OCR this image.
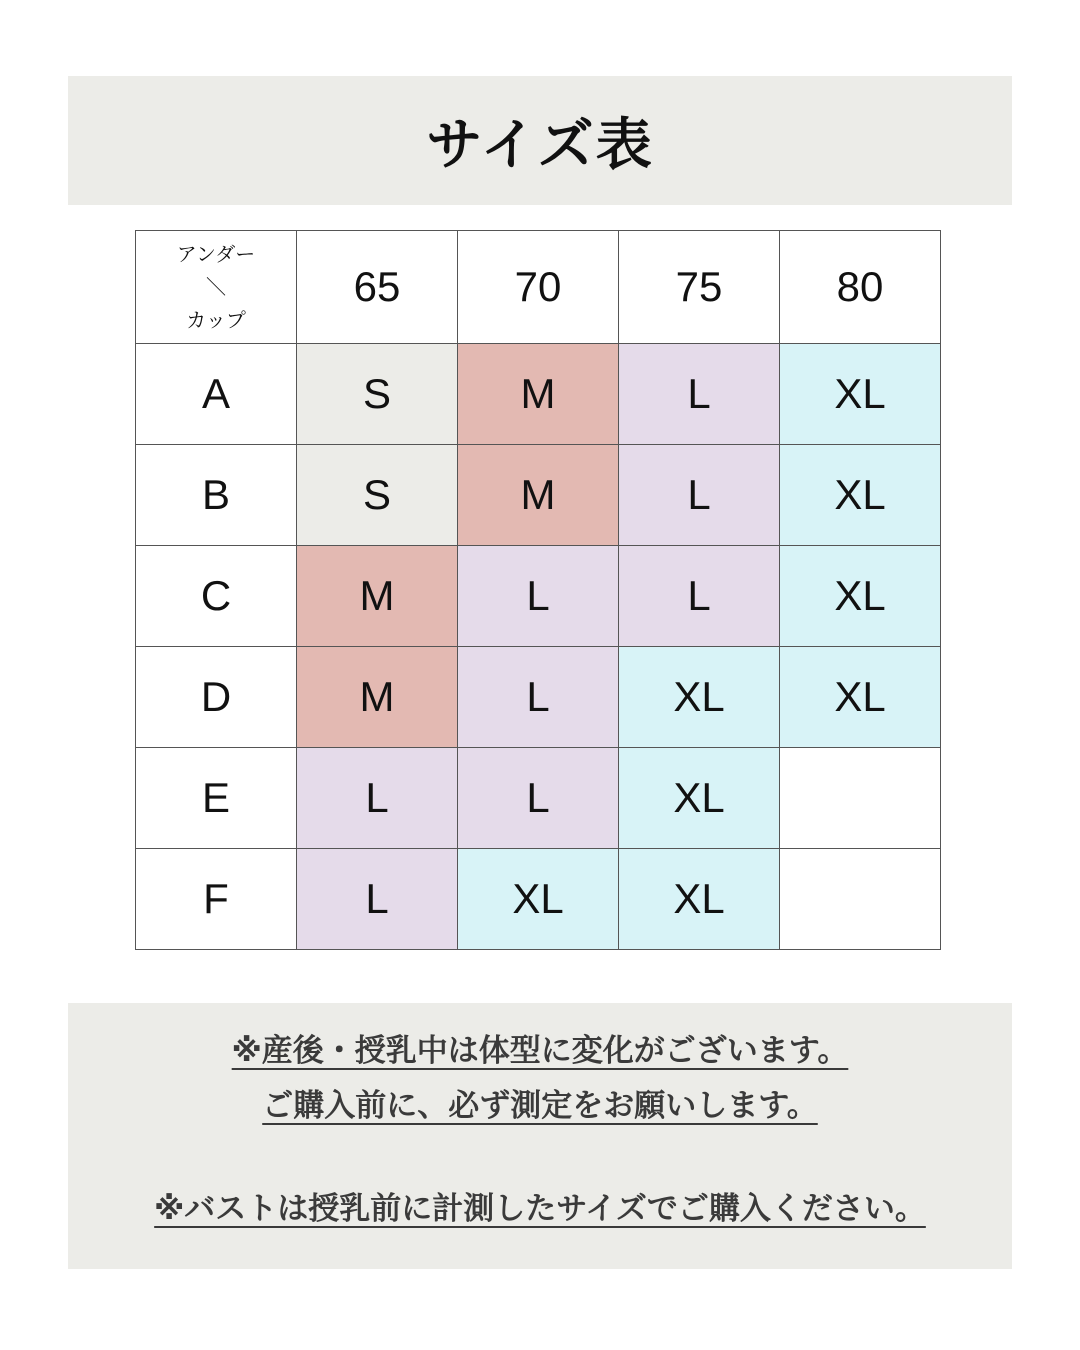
サイズ表
アンダー
＼
カップ	65	70	75	80
A	S	M	L	XL
B	S	M	L	XL
C	M	L	L	XL
D	M	L	XL	XL
E	L	L	XL	
F	L	XL	XL	
※産後・授乳中は体型に変化がございます。
ご購入前に、必ず測定をお願いします。
※バストは授乳前に計測したサイズでご購入ください。
